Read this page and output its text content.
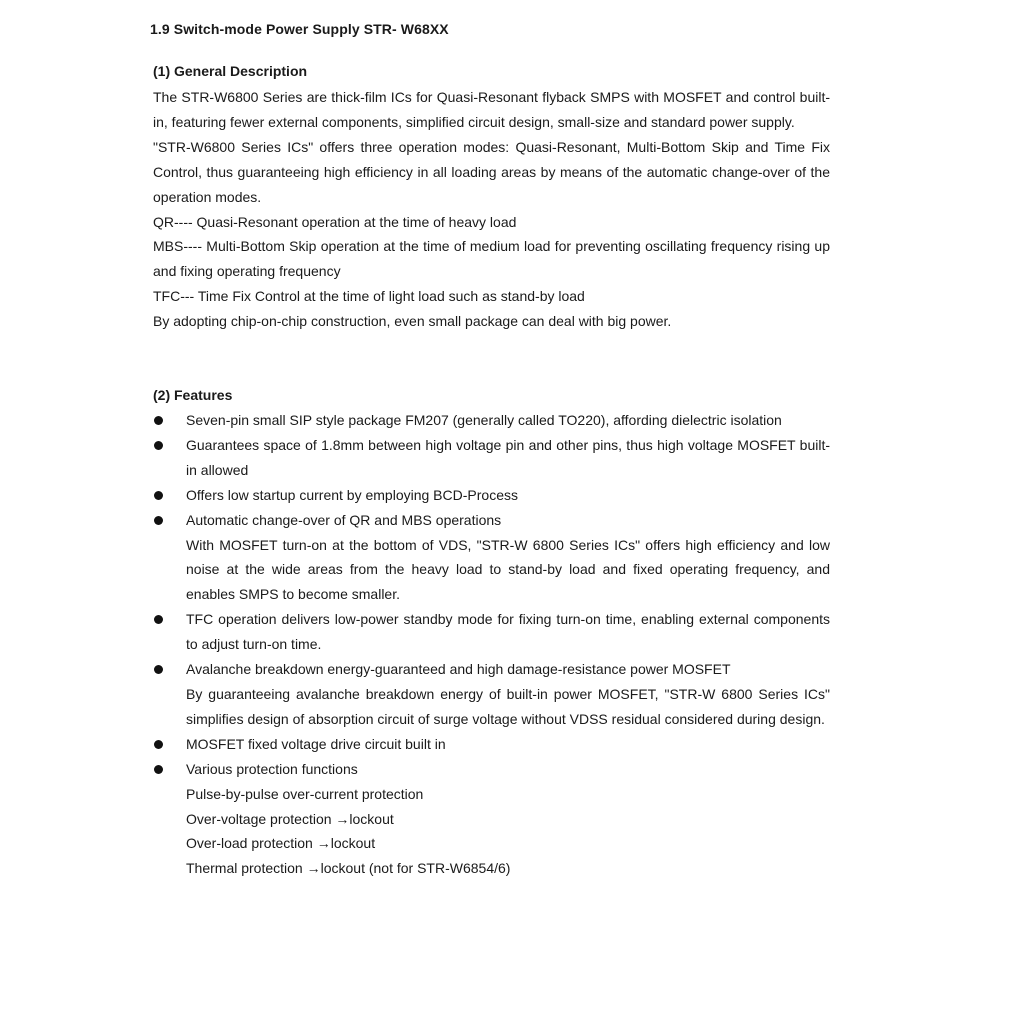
1.9 Switch-mode Power Supply STR- W68XX
(1) General Description

The STR-W6800 Series are thick-film ICs for Quasi-Resonant flyback SMPS with MOSFET and control built-in, featuring fewer external components, simplified circuit design, small-size and standard power supply.

"STR-W6800 Series ICs" offers three operation modes: Quasi-Resonant, Multi-Bottom Skip and Time Fix Control, thus guaranteeing high efficiency in all loading areas by means of the automatic change-over of the operation modes.

QR---- Quasi-Resonant operation at the time of heavy load

MBS---- Multi-Bottom Skip operation at the time of medium load for preventing oscillating frequency rising up and fixing operating frequency

TFC--- Time Fix Control at the time of light load such as stand-by load

By adopting chip-on-chip construction, even small package can deal with big power.

(2) Features

Seven-pin small SIP style package FM207 (generally called TO220), affording dielectric isolation

Guarantees space of 1.8mm between high voltage pin and other pins, thus high voltage MOSFET built-in allowed

Offers low startup current by employing BCD-Process

Automatic change-over of QR and MBS operations

With MOSFET turn-on at the bottom of VDS, "STR-W 6800 Series ICs" offers high efficiency and low noise at the wide areas from the heavy load to stand-by load and fixed operating frequency, and enables SMPS to become smaller.

TFC operation delivers low-power standby mode for fixing turn-on time, enabling external components to adjust turn-on time.

Avalanche breakdown energy-guaranteed and high damage-resistance power MOSFET

By guaranteeing avalanche breakdown energy of built-in power MOSFET, "STR-W 6800 Series ICs" simplifies design of absorption circuit of surge voltage without VDSS residual considered during design.

MOSFET fixed voltage drive circuit built in

Various protection functions

Pulse-by-pulse over-current protection

Over-voltage protection →lockout

Over-load protection →lockout

Thermal protection →lockout (not for STR-W6854/6)
